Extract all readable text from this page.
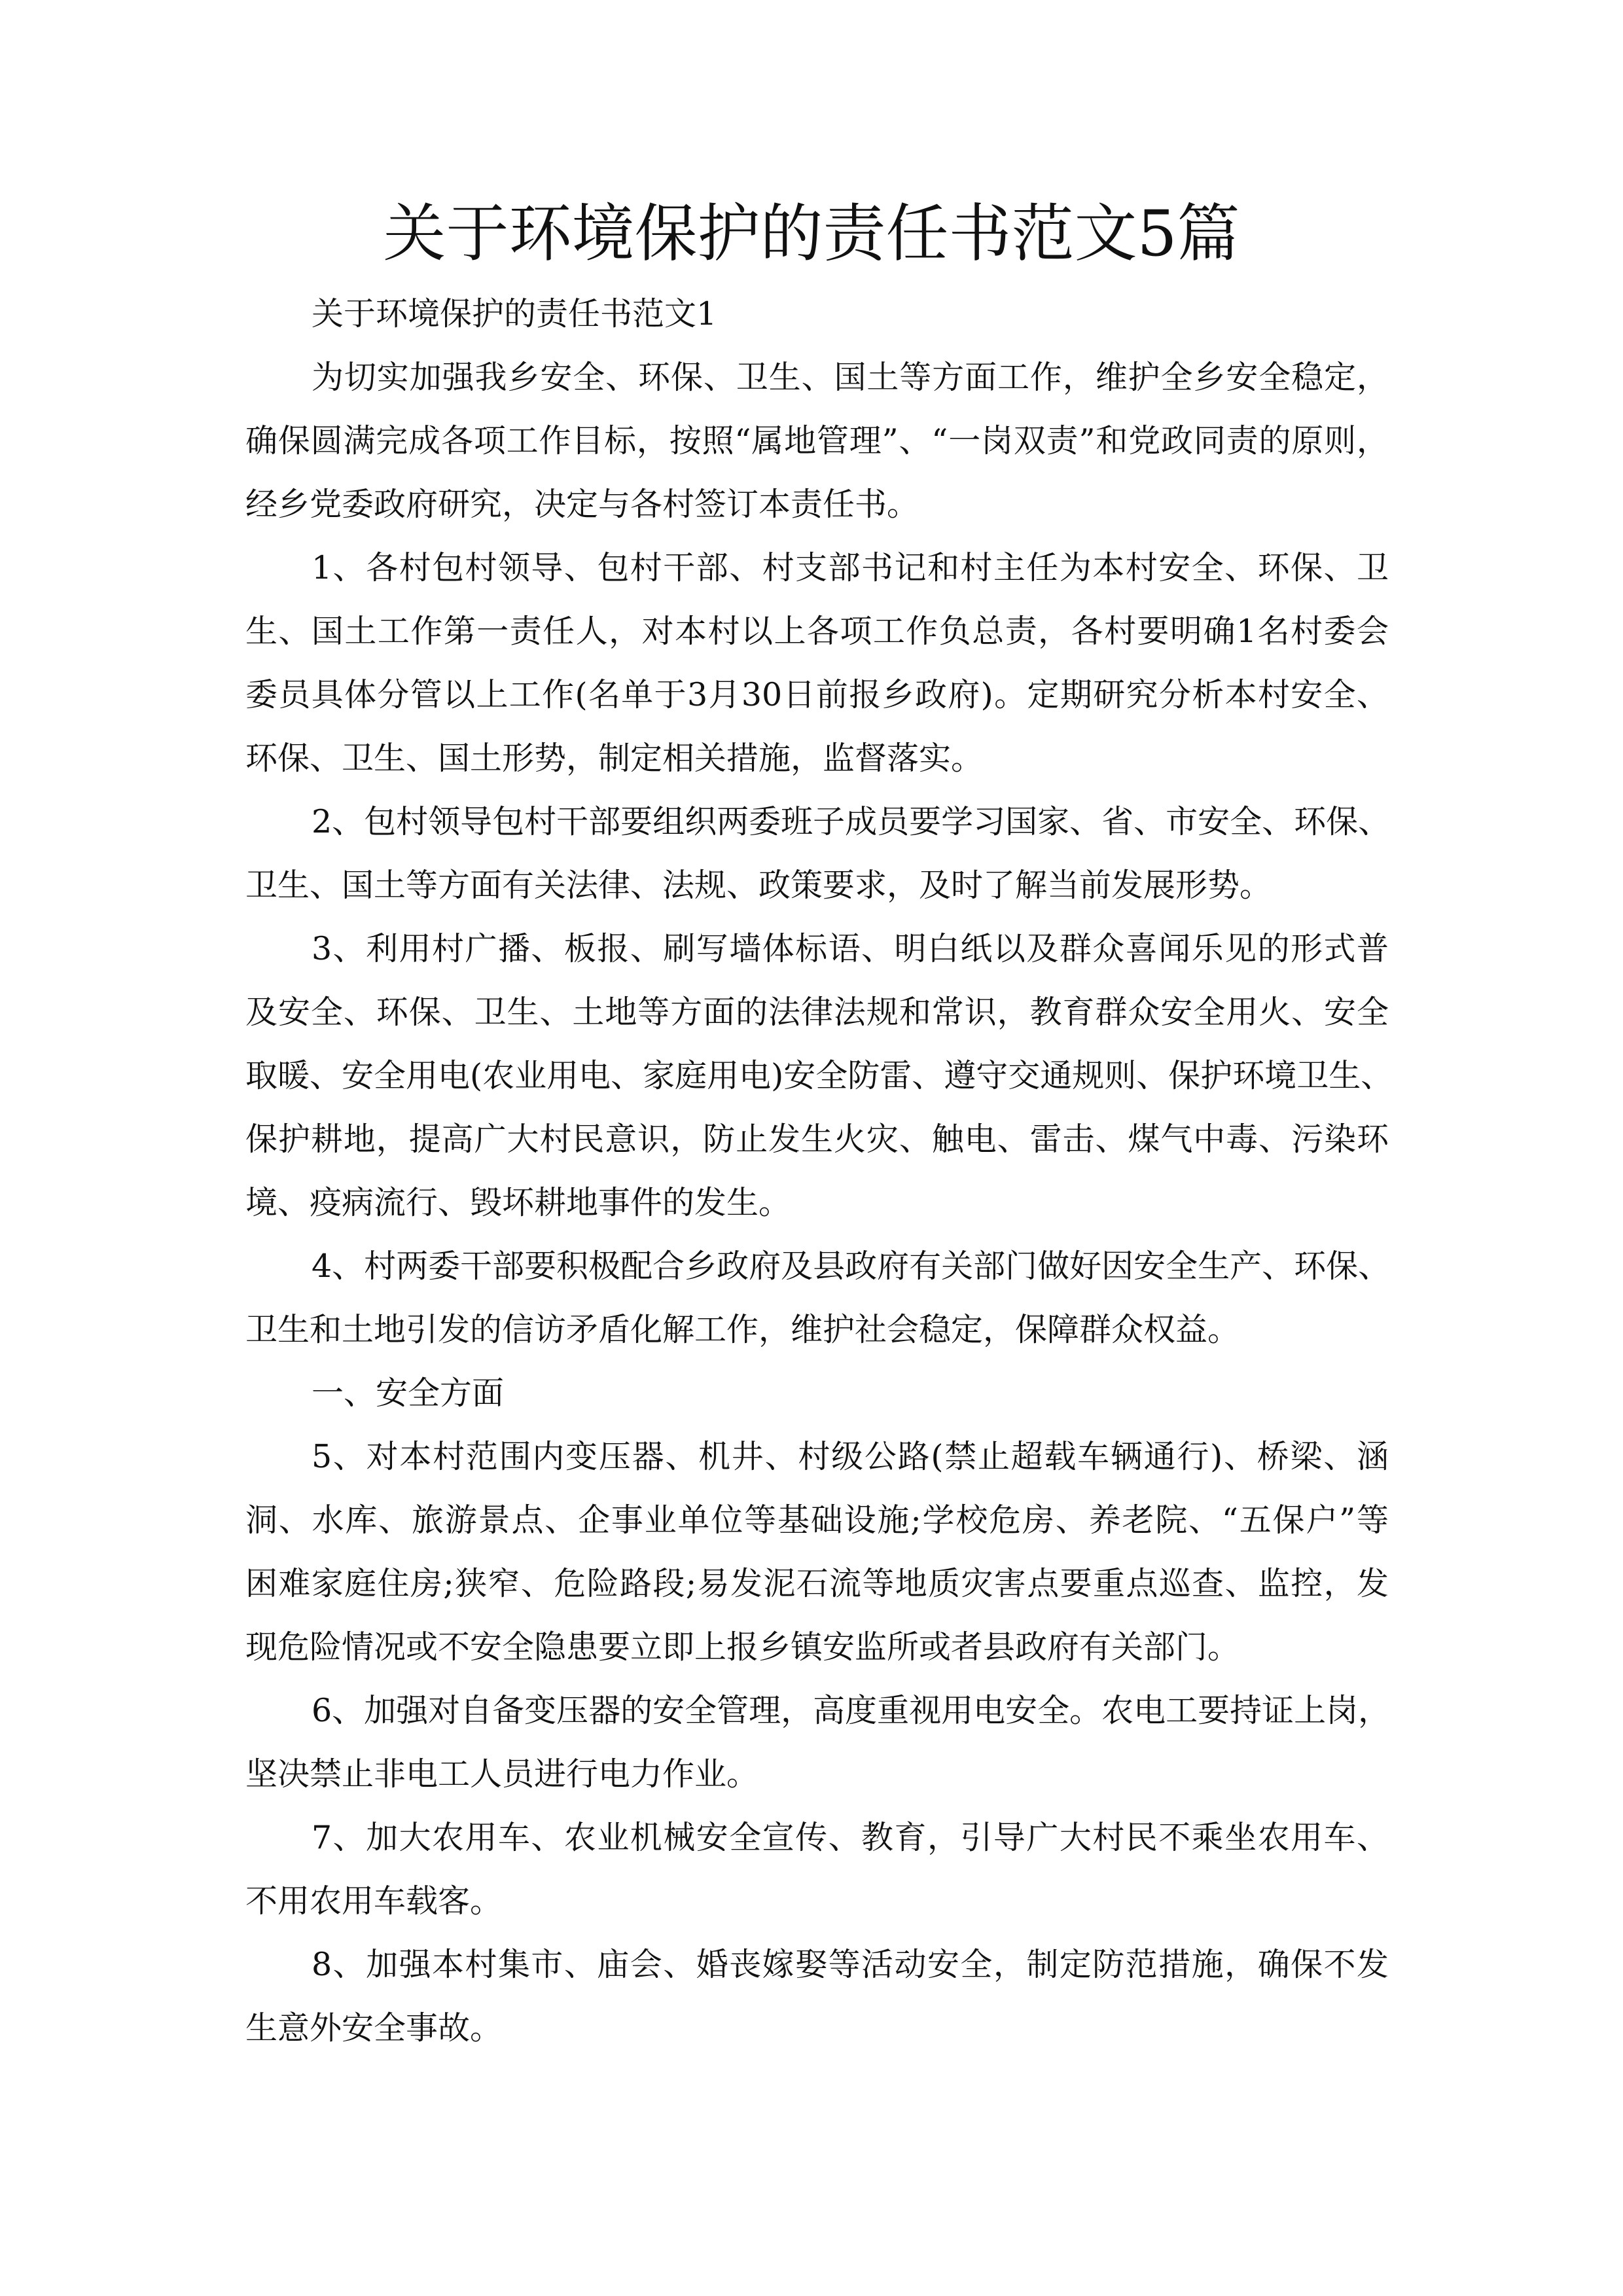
关于环境保护的责任书范文5篇
关于环境保护的责任书范文1
为切实加强我乡安全、环保、卫生、国土等方面工作，维护全乡安全稳定，
确保圆满完成各项工作目标，按照“属地管理”、“一岗双责”和党政同责的原则，
经乡党委政府研究，决定与各村签订本责任书。
1、各村包村领导、包村干部、村支部书记和村主任为本村安全、环保、卫
生、国土工作第一责任人，对本村以上各项工作负总责，各村要明确1名村委会
委员具体分管以上工作(名单于3月30日前报乡政府)。定期研究分析本村安全、
环保、卫生、国土形势，制定相关措施，监督落实。
2、包村领导包村干部要组织两委班子成员要学习国家、省、市安全、环保、
卫生、国土等方面有关法律、法规、政策要求，及时了解当前发展形势。
3、利用村广播、板报、刷写墙体标语、明白纸以及群众喜闻乐见的形式普
及安全、环保、卫生、土地等方面的法律法规和常识，教育群众安全用火、安全
取暖、安全用电(农业用电、家庭用电)安全防雷、遵守交通规则、保护环境卫生、
保护耕地，提高广大村民意识，防止发生火灾、触电、雷击、煤气中毒、污染环
境、疫病流行、毁坏耕地事件的发生。
4、村两委干部要积极配合乡政府及县政府有关部门做好因安全生产、环保、
卫生和土地引发的信访矛盾化解工作，维护社会稳定，保障群众权益。
一、安全方面
5、对本村范围内变压器、机井、村级公路(禁止超载车辆通行)、桥梁、涵
洞、水库、旅游景点、企事业单位等基础设施;学校危房、养老院、“五保户”等
困难家庭住房;狭窄、危险路段;易发泥石流等地质灾害点要重点巡查、监控，发
现危险情况或不安全隐患要立即上报乡镇安监所或者县政府有关部门。
6、加强对自备变压器的安全管理，高度重视用电安全。农电工要持证上岗，
坚决禁止非电工人员进行电力作业。
7、加大农用车、农业机械安全宣传、教育，引导广大村民不乘坐农用车、
不用农用车载客。
8、加强本村集市、庙会、婚丧嫁娶等活动安全，制定防范措施，确保不发
生意外安全事故。
